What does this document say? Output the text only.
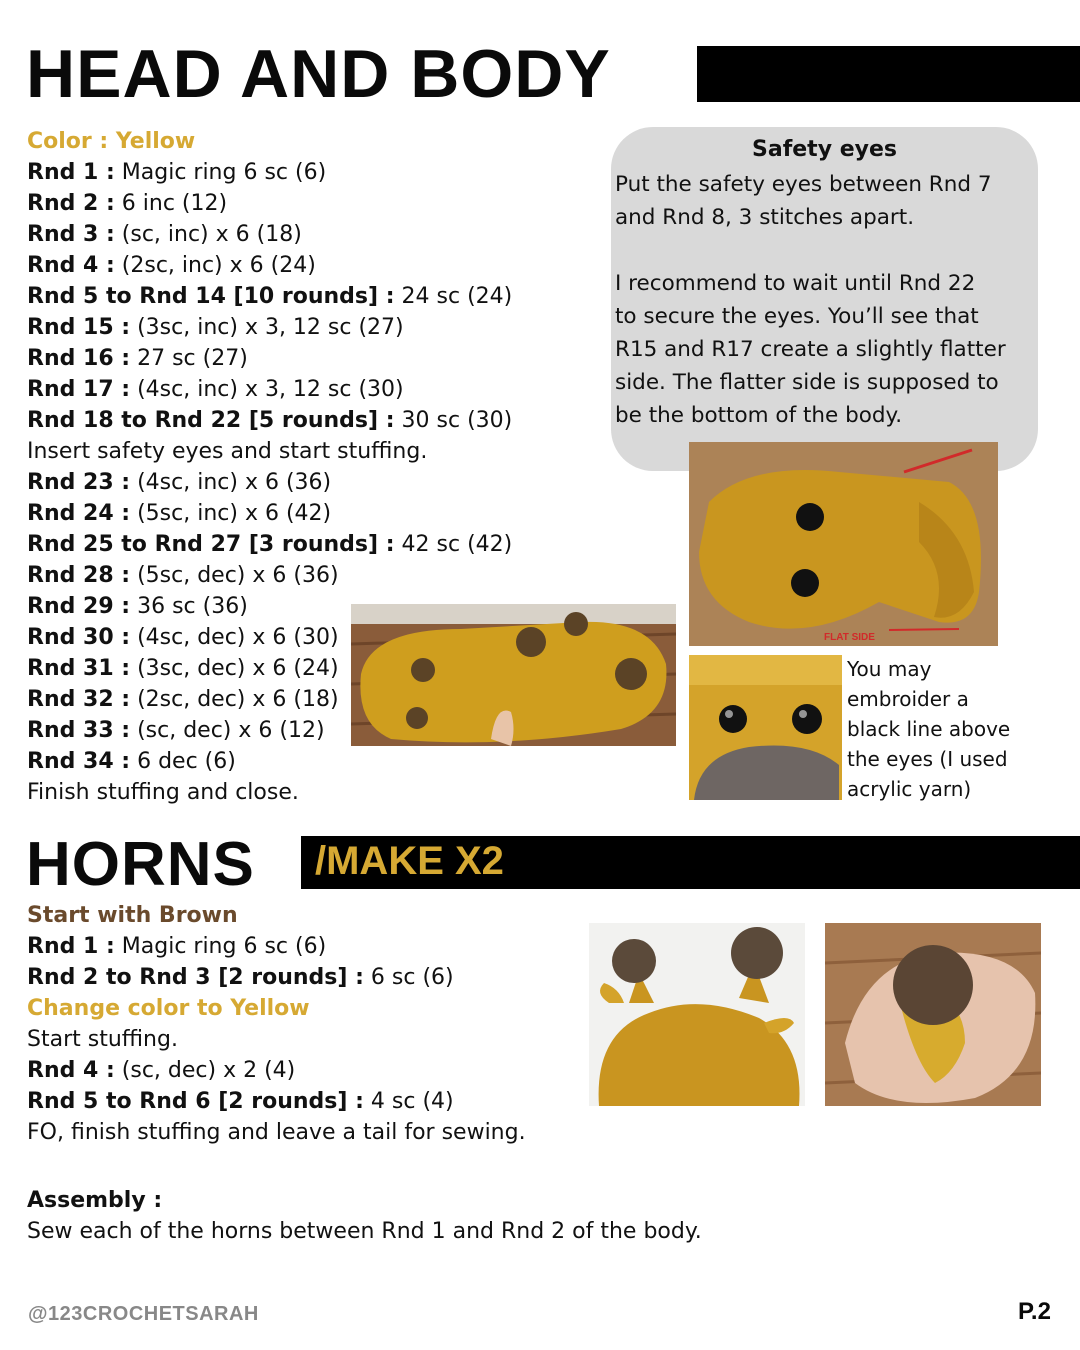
HEAD AND BODY
Color : Yellow
Rnd 1 : Magic ring 6 sc (6)
Rnd 2 : 6 inc (12)
Rnd 3 : (sc, inc) x 6 (18)
Rnd 4 : (2sc, inc) x 6 (24)
Rnd 5 to Rnd 14 [10 rounds] : 24 sc (24)
Rnd 15 : (3sc, inc) x 3, 12 sc (27)
Rnd 16 : 27 sc (27)
Rnd 17 : (4sc, inc) x 3, 12 sc (30)
Rnd 18 to Rnd 22 [5 rounds] : 30 sc (30)
Insert safety eyes and start stuffing.
Rnd 23 : (4sc, inc) x 6 (36)
Rnd 24 : (5sc, inc) x 6 (42)
Rnd 25 to Rnd 27 [3 rounds] : 42 sc (42)
Rnd 28 : (5sc, dec) x 6 (36)
Rnd 29 : 36 sc (36)
Rnd 30 : (4sc, dec) x 6 (30)
Rnd 31 : (3sc, dec) x 6 (24)
Rnd 32 : (2sc, dec) x 6 (18)
Rnd 33 : (sc, dec) x 6 (12)
Rnd 34 : 6 dec (6)
Finish stuffing and close.
Safety eyes
Put the safety eyes between Rnd 7
and Rnd 8, 3 stitches apart.
I recommend to wait until Rnd 22
to secure the eyes. You’ll see that
R15 and R17 create a slightly flatter
side. The flatter side is supposed to
be the bottom of the body.
FLAT SIDE
You may
embroider a
black line above
the eyes (I used
acrylic yarn)
HORNS /MAKE X2
Start with Brown
Rnd 1 : Magic ring 6 sc (6)
Rnd 2 to Rnd 3 [2 rounds] : 6 sc (6)
Change color to Yellow
Start stuffing.
Rnd 4 : (sc, dec) x 2 (4)
Rnd 5 to Rnd 6 [2 rounds] : 4 sc (4)
FO, finish stuffing and leave a tail for sewing.
Assembly :
Sew each of the horns between Rnd 1 and Rnd 2 of the body.
@123CROCHETSARAH	P.2
